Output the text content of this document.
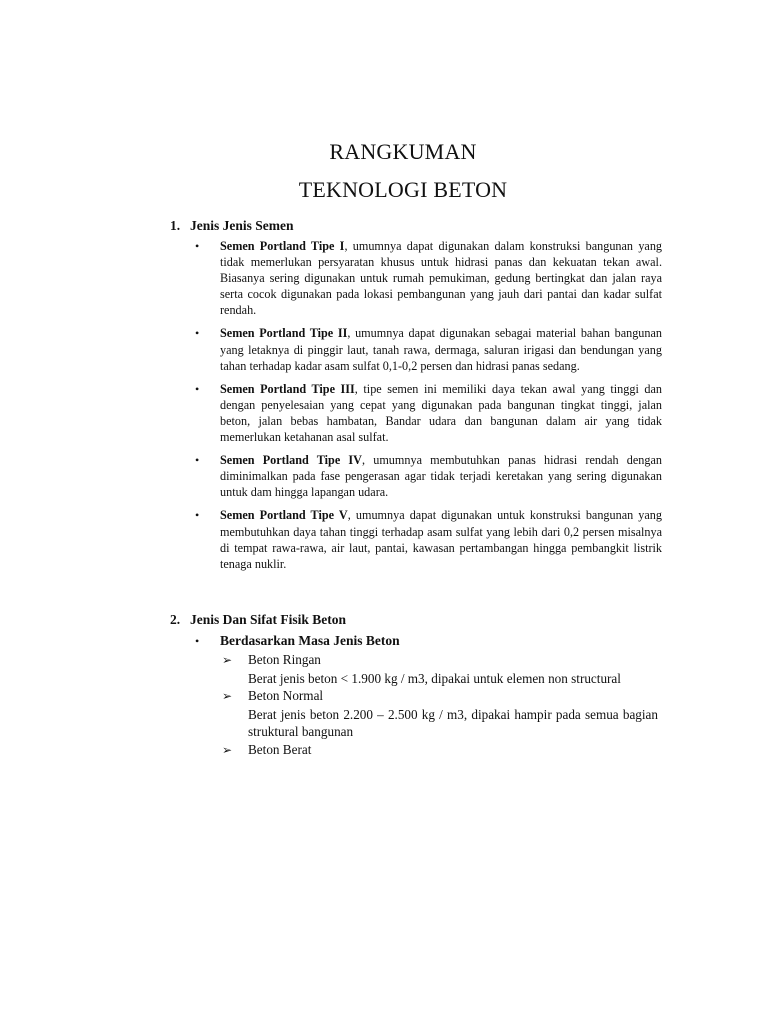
RANGKUMAN
TEKNOLOGI BETON
1. Jenis Jenis Semen
• Semen Portland Tipe I, umumnya dapat digunakan dalam konstruksi bangunan yang tidak memerlukan persyaratan khusus untuk hidrasi panas dan kekuatan tekan awal. Biasanya sering digunakan untuk rumah pemukiman, gedung bertingkat dan jalan raya serta cocok digunakan pada lokasi pembangunan yang jauh dari pantai dan kadar sulfat rendah.
• Semen Portland Tipe II, umumnya dapat digunakan sebagai material bahan bangunan yang letaknya di pinggir laut, tanah rawa, dermaga, saluran irigasi dan bendungan yang tahan terhadap kadar asam sulfat 0,1-0,2 persen dan hidrasi panas sedang.
• Semen Portland Tipe III, tipe semen ini memiliki daya tekan awal yang tinggi dan dengan penyelesaian yang cepat yang digunakan pada bangunan tingkat tinggi, jalan beton, jalan bebas hambatan, Bandar udara dan bangunan dalam air yang tidak memerlukan ketahanan asal sulfat.
• Semen Portland Tipe IV, umumnya membutuhkan panas hidrasi rendah dengan diminimalkan pada fase pengerasan agar tidak terjadi keretakan yang sering digunakan untuk dam hingga lapangan udara.
• Semen Portland Tipe V, umumnya dapat digunakan untuk konstruksi bangunan yang membutuhkan daya tahan tinggi terhadap asam sulfat yang lebih dari 0,2 persen misalnya di tempat rawa-rawa, air laut, pantai, kawasan pertambangan hingga pembangkit listrik tenaga nuklir.
2. Jenis Dan Sifat Fisik Beton
• Berdasarkan Masa Jenis Beton
➢ Beton Ringan
Berat jenis beton < 1.900 kg / m3, dipakai untuk elemen non structural
➢ Beton Normal
Berat jenis beton 2.200 – 2.500 kg / m3, dipakai hampir pada semua bagian struktural bangunan
➢ Beton Berat
